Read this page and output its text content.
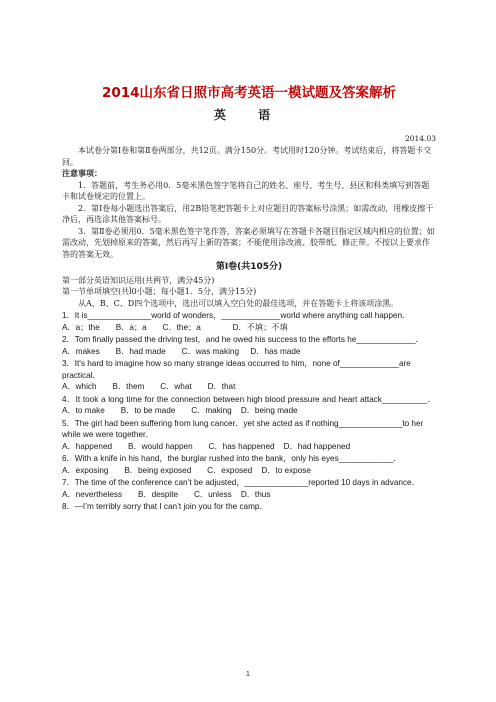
2014山东省日照市高考英语一模试题及答案解析
英 语
2014.03

本试卷分第Ⅰ卷和第Ⅱ卷两部分，共12页。满分150分。考试用时120分钟。考试结束后，将答题卡交回。

注意事项：

1．答题前，考生务必用0．5毫米黑色签字笔将自己的姓名、座号、考生号、县区和科类填写到答题卡和试卷规定的位置上。

2．第Ⅰ卷每小题选出答案后，用2B铅笔把答题卡上对应题目的答案标号涂黑；如需改动，用橡皮擦干净后，再选涂其他答案标号。

3．第Ⅱ卷必须用0．5毫米黑色签字笔作答，答案必须填写在答题卡各题目指定区域内相应的位置；如需改动，先划掉原来的答案，然后再写上新的答案；不能使用涂改液、胶带纸、修正带。不按以上要求作答的答案无效。

第Ⅰ卷(共105分)

第一部分英语知识运用(共两节，满分45分)

第一节单项填空(共l0小题；每小题1．5分，满分15分)

从A、B、C、D四个选项中，选出可以填入空白处的最佳选项，并在答题卡上将该项涂黑。

1．It is______________world of wonders，_____________world where anything call happen．

A．a；the       B．a；a       C．the；a              D．不填；不填

2．Tom finally passed the driving test，and he owed his success to the efforts he_____________．

A．makes       B．had made       C．was making     D．has made

3．It's hard to imagine how so many strange ideas occurred to him，none of_____________are practical．

A．which       B．them       C．what       D．that

4．It took a long time for the connection between high blood pressure and heart attack__________．

A．to make       B．to be made       C．making    D．being made

5．The girl had been suffering from lung cancer．yet she acted as if nothing______________to her while we were together．

A．happened       B．would happen       C．has happened    D．had happened

6．With a knife in his hand，the burglar rushed into the bank，only his eyes____________．

A．exposing       B．being exposed       C．exposed    D．to expose

7．The time of the conference can’t be adjusted，______________reported 10 days in advance．

A．nevertheless       B．despite       C．unless    D．thus

8．—I’m terribly sorry that I can’t join you for the camp．

1
